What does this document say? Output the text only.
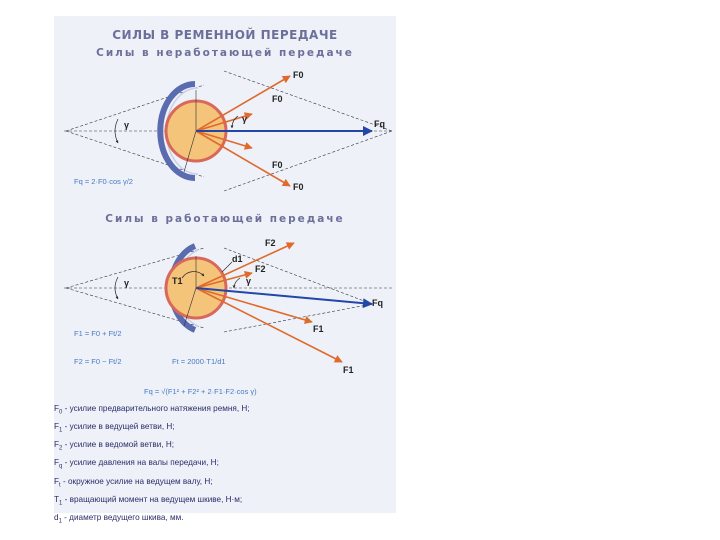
СИЛЫ В РЕМЕННОЙ ПЕРЕДАЧЕ
Силы в неработающей передаче
Силы в работающей передаче
γ
γ
F0
F0
F0
F0
Fq
Fq = 2·F0·cos γ/2
γ	γ
T1
d1
F2
F2
Fq
F1
F1
F1 = F0 + Ft/2
F2 = F0 − Ft/2	Ft = 2000·T1/d1
Fq = √(F1² + F2² + 2·F1·F2·cos γ)
$F_0$ - усилие предварительного натяжения ремня, Н;
$F_1$ - усилие в ведущей ветви, Н;
$F_2$ - усилие в ведомой ветви, Н;
$F_q$ - усилие давления на валы передачи, Н;
$F_t$ - окружное усилие на ведущем валу, Н;
$T_1$ - вращающий момент на ведущем шкиве, Н·м;
$d_1$ - диаметр ведущего шкива, мм.
